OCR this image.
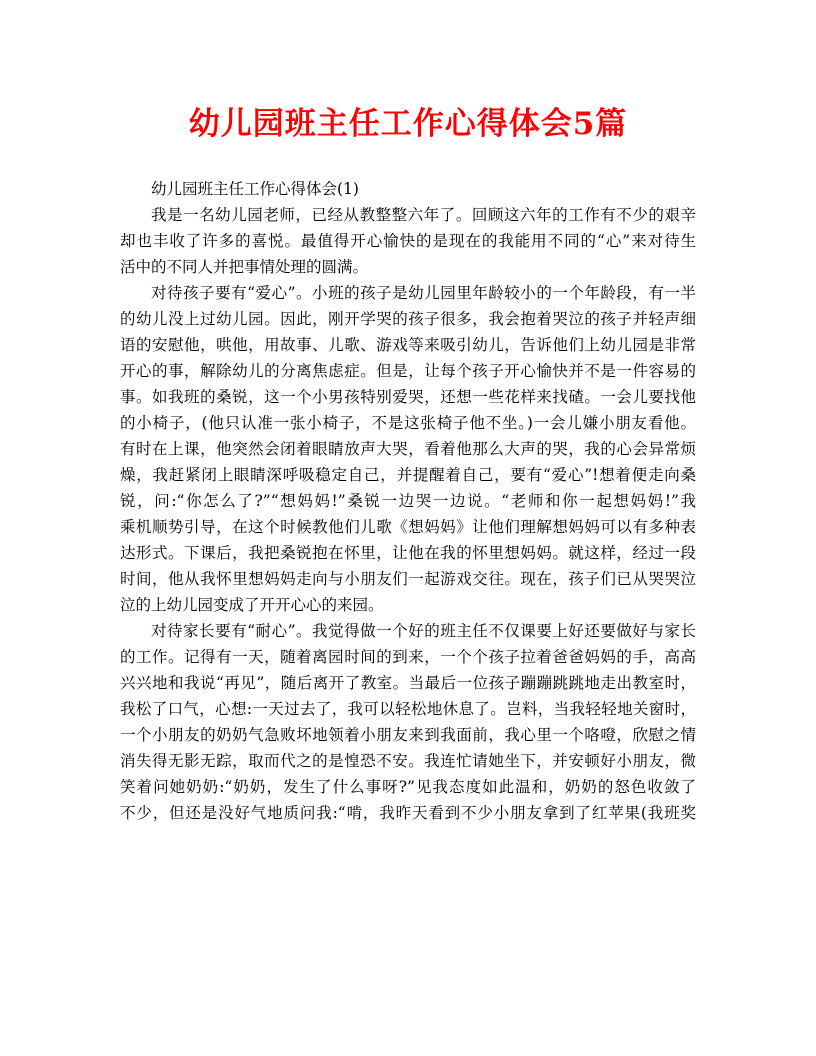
幼儿园班主任工作心得体会5篇
幼儿园班主任工作心得体会(1)
我是一名幼儿园老师，已经从教整整六年了。回顾这六年的工作有不少的艰辛
却也丰收了许多的喜悦。最值得开心愉快的是现在的我能用不同的“心”来对待生
活中的不同人并把事情处理的圆满。
对待孩子要有“爱心”。小班的孩子是幼儿园里年龄较小的一个年龄段，有一半
的幼儿没上过幼儿园。因此，刚开学哭的孩子很多，我会抱着哭泣的孩子并轻声细
语的安慰他，哄他，用故事、儿歌、游戏等来吸引幼儿，告诉他们上幼儿园是非常
开心的事，解除幼儿的分离焦虑症。但是，让每个孩子开心愉快并不是一件容易的
事。如我班的桑锐，这一个小男孩特别爱哭，还想一些花样来找碴。一会儿要找他
的小椅子，(他只认准一张小椅子，不是这张椅子他不坐。)一会儿嫌小朋友看他。
有时在上课，他突然会闭着眼睛放声大哭，看着他那么大声的哭，我的心会异常烦
燥，我赶紧闭上眼睛深呼吸稳定自己，并提醒着自己，要有“爱心”!想着便走向桑
锐，问:“你怎么了?”“想妈妈!”桑锐一边哭一边说。“老师和你一起想妈妈!”我
乘机顺势引导，在这个时候教他们儿歌《想妈妈》让他们理解想妈妈可以有多种表
达形式。下课后，我把桑锐抱在怀里，让他在我的怀里想妈妈。就这样，经过一段
时间，他从我怀里想妈妈走向与小朋友们一起游戏交往。现在，孩子们已从哭哭泣
泣的上幼儿园变成了开开心心的来园。
对待家长要有“耐心”。我觉得做一个好的班主任不仅课要上好还要做好与家长
的工作。记得有一天，随着离园时间的到来，一个个孩子拉着爸爸妈妈的手，高高
兴兴地和我说“再见”，随后离开了教室。当最后一位孩子蹦蹦跳跳地走出教室时，
我松了口气，心想:一天过去了，我可以轻松地休息了。岂料，当我轻轻地关窗时，
一个小朋友的奶奶气急败坏地领着小朋友来到我面前，我心里一个咯噔，欣慰之情
消失得无影无踪，取而代之的是惶恐不安。我连忙请她坐下，并安顿好小朋友，微
笑着问她奶奶:“奶奶，发生了什么事呀?”见我态度如此温和，奶奶的怒色收敛了
不少，但还是没好气地质问我:“啃，我昨天看到不少小朋友拿到了红苹果(我班奖
